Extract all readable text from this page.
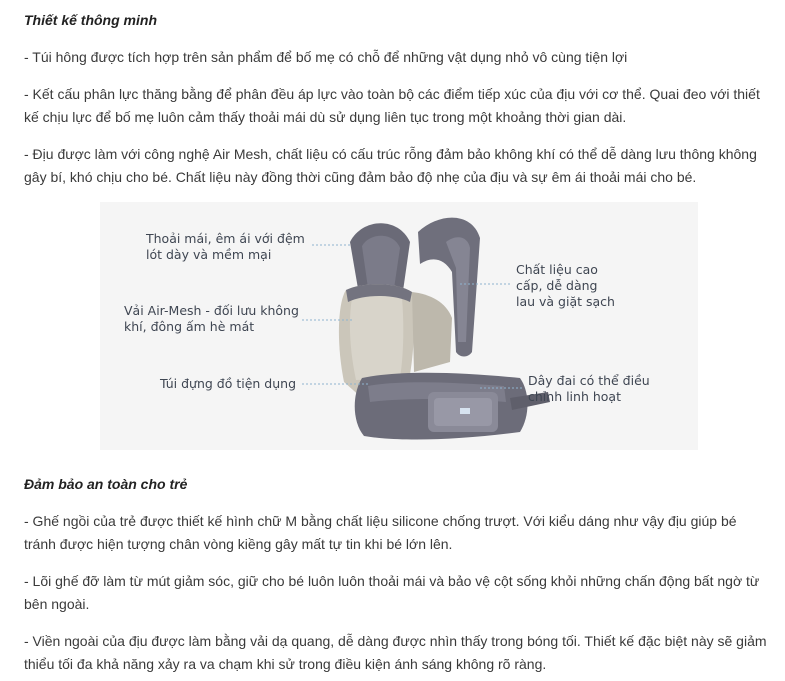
Thiết kế thông minh

- Túi hông được tích hợp trên sản phẩm để bố mẹ có chỗ để những vật dụng nhỏ vô cùng tiện lợi

- Kết cấu phân lực thăng bằng để phân đều áp lực vào toàn bộ các điểm tiếp xúc của địu với cơ thể. Quai đeo với thiết kế chịu lực để bố mẹ luôn cảm thấy thoải mái dù sử dụng liên tục trong một khoảng thời gian dài.

- Địu được làm với công nghệ Air Mesh, chất liệu có cấu trúc rỗng đảm bảo không khí có thể dễ dàng lưu thông không gây bí, khó chịu cho bé. Chất liệu này đồng thời cũng đảm bảo độ nhẹ của địu và sự êm ái thoải mái cho bé.

Thoải mái, êm ái với đệm
lót dày và mềm mại
Vải Air-Mesh - đối lưu không
khí, đông ấm hè mát
Túi đựng đồ tiện dụng
Chất liệu cao
cấp, dễ dàng
lau và giặt sạch
Dây đai có thể điều
chỉnh linh hoạt
Đảm bảo an toàn cho trẻ

- Ghế ngồi của trẻ được thiết kế hình chữ M bằng chất liệu silicone chống trượt. Với kiểu dáng như vậy địu giúp bé tránh được hiện tượng chân vòng kiềng gây mất tự tin khi bé lớn lên.

- Lõi ghế đỡ làm từ mút giảm sóc, giữ cho bé luôn luôn thoải mái và bảo vệ cột sống khỏi những chấn động bất ngờ từ bên ngoài.

- Viền ngoài của địu được làm bằng vải dạ quang, dễ dàng được nhìn thấy trong bóng tối. Thiết kế đặc biệt này sẽ giảm thiểu tối đa khả năng xảy ra va chạm khi sử trong điều kiện ánh sáng không rõ ràng.
